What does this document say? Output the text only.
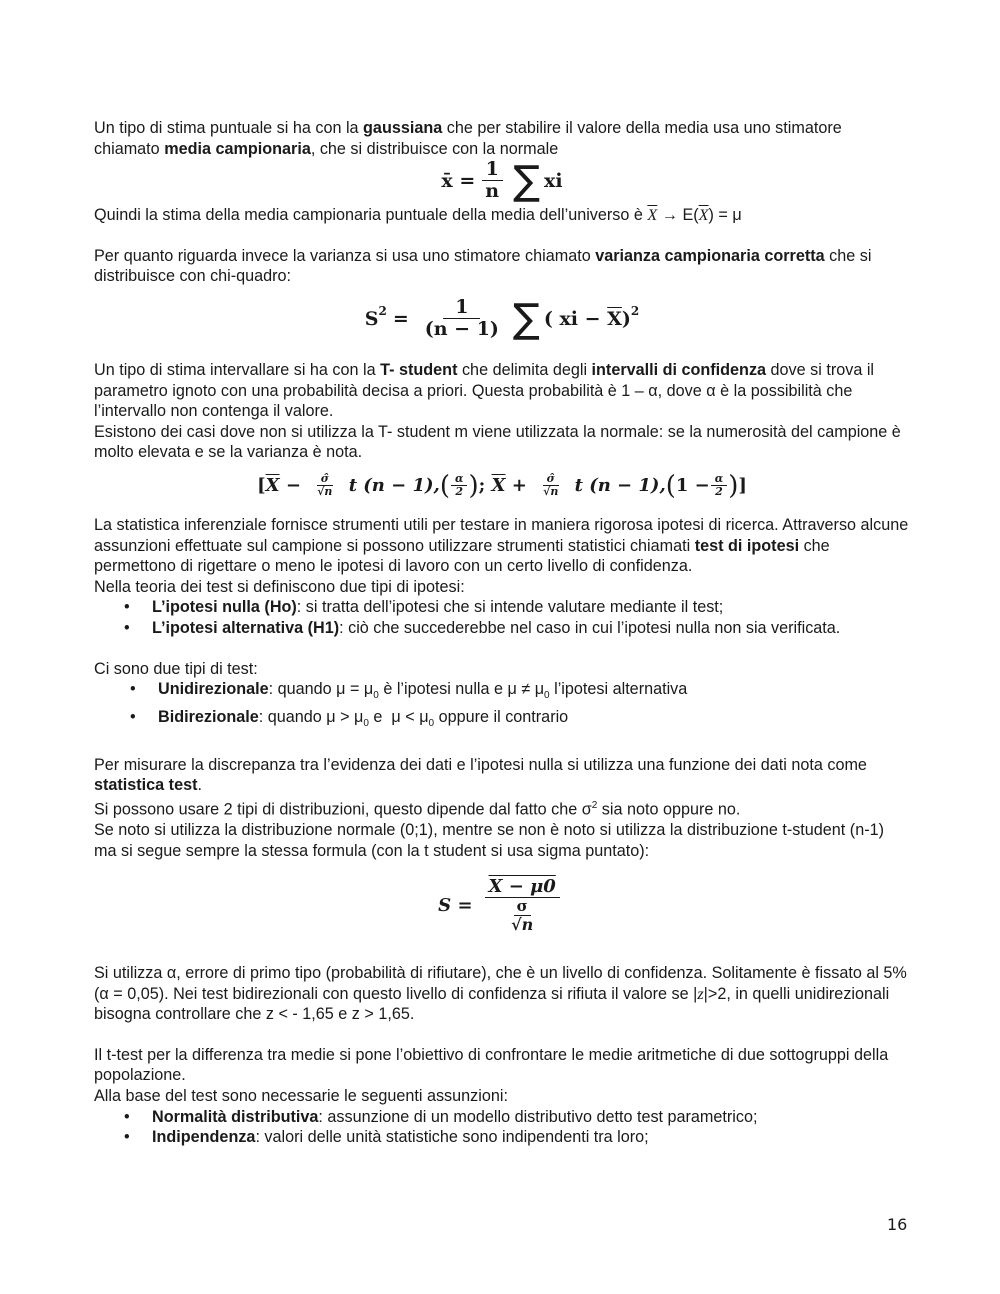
Un tipo di stima puntuale si ha con la gaussiana che per stabilire il valore della media usa uno stimatore chiamato media campionaria, che si distribuisce con la normale

x̄ = $\frac{1}{n}$ ∑ xi

Quindi la stima della media campionaria puntuale della media dell’universo è $\overline{X} \to E(\overline{X}) = \mu$

Per quanto riguarda invece la varianza si usa uno stimatore chiamato varianza campionaria corretta che si distribuisce con chi-quadro:

$S^2 = \frac{1}{(n - 1)}$ ∑ ( xi − $\overline{X}$ )$^2$

Un tipo di stima intervallare si ha con la T- student che delimita degli intervalli di confidenza dove si trova il parametro ignoto con una probabilità decisa a priori. Questa probabilità è 1 – α, dove α è la possibilità che l’intervallo non contenga il valore.

Esistono dei casi dove non si utilizza la T- student m viene utilizzata la normale: se la numerosità del campione è molto elevata e se la varianza è nota.

[ $\overline{X} - \frac{\sigmâ}{√n}$ t (n − 1), ( $\frac{\alpha}{2}$ ) ; $\overline{X} + \frac{\sigmâ}{√n}$ t (n − 1), ( $1 - \frac{\alpha}{2}$ ) ]

La statistica inferenziale fornisce strumenti utili per testare in maniera rigorosa ipotesi di ricerca. Attraverso alcune assunzioni effettuate sul campione si possono utilizzare strumenti statistici chiamati test di ipotesi che permettono di rigettare o meno le ipotesi di lavoro con un certo livello di confidenza.

Nella teoria dei test si definiscono due tipi di ipotesi:

• L’ipotesi nulla (Ho): si tratta dell’ipotesi che si intende valutare mediante il test;
• L’ipotesi alternativa (H1): ciò che succederebbe nel caso in cui l’ipotesi nulla non sia verificata.

Ci sono due tipi di test:

• Unidirezionale: quando $\mu = \mu_0$ è l’ipotesi nulla e $\mu \ne \mu_0$ l’ipotesi alternativa
• Bidirezionale: quando $\mu > \mu_0$ e  $\mu < \mu_0$ oppure il contrario

Per misurare la discrepanza tra l’evidenza dei dati e l’ipotesi nulla si utilizza una funzione dei dati nota come statistica test.

Si possono usare 2 tipi di distribuzioni, questo dipende dal fatto che $\sigma^2$ sia noto oppure no.

Se noto si utilizza la distribuzione normale (0;1), mentre se non è noto si utilizza la distribuzione t-student (n-1) ma si segue sempre la stessa formula (con la t student si usa sigma puntato):

S = X − μ0
σ
√n

Si utilizza α, errore di primo tipo (probabilità di rifiutare), che è un livello di confidenza. Solitamente è fissato al 5% (α = 0,05). Nei test bidirezionali con questo livello di confidenza si rifiuta il valore se |z|>2, in quelli unidirezionali bisogna controllare che z < - 1,65 e z > 1,65.

Il t-test per la differenza tra medie si pone l’obiettivo di confrontare le medie aritmetiche di due sottogruppi della popolazione.

Alla base del test sono necessarie le seguenti assunzioni:

• Normalità distributiva: assunzione di un modello distributivo detto test parametrico;
• Indipendenza: valori delle unità statistiche sono indipendenti tra loro;
16
